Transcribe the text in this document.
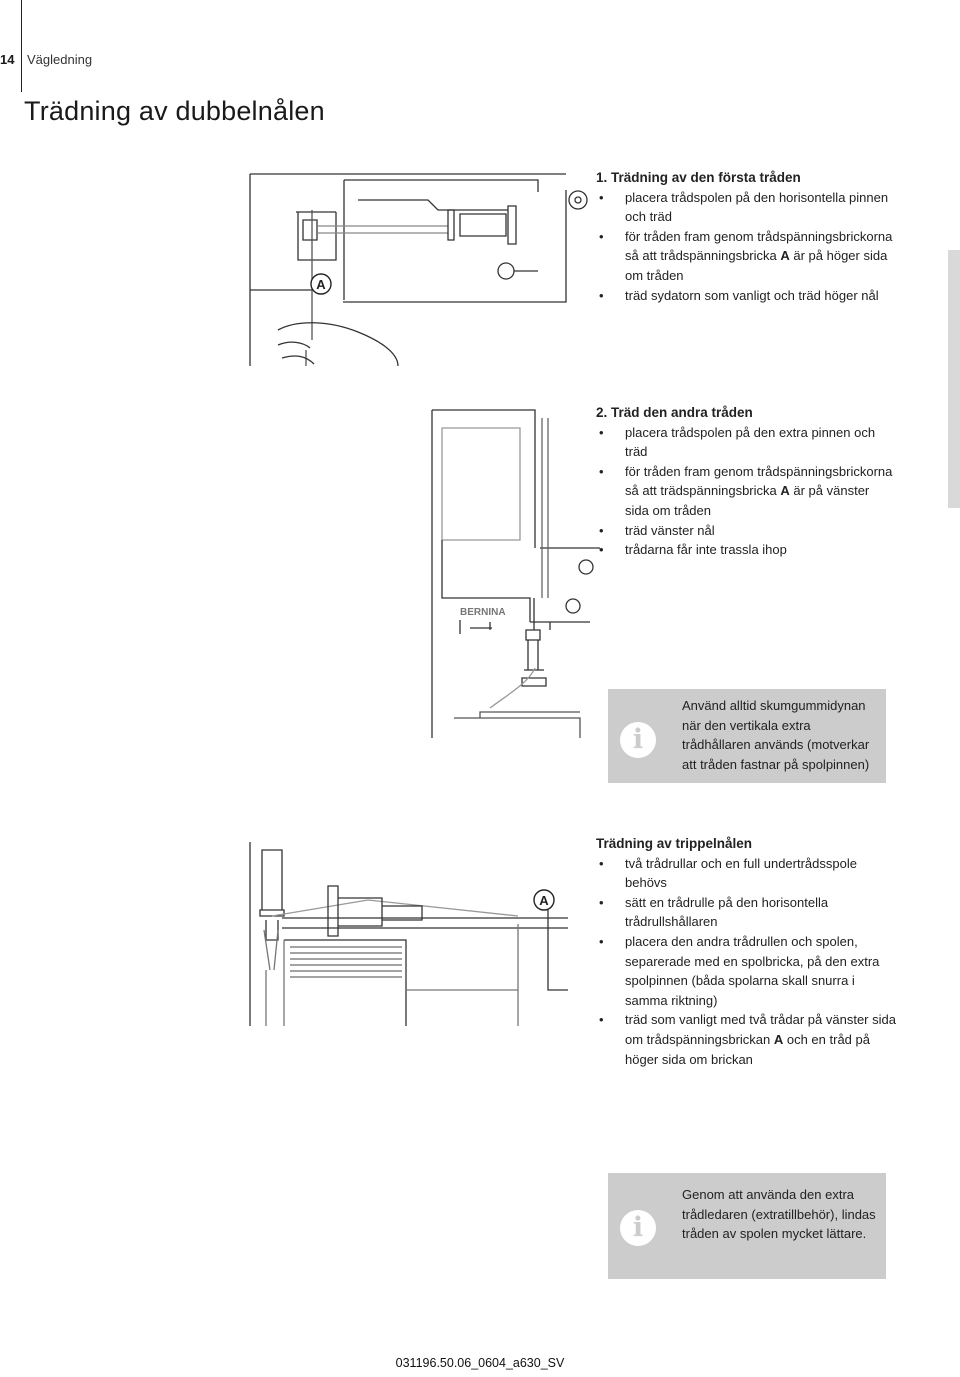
14 Vägledning
Trädning av dubbelnålen
A
1. Trädning av den första tråden
• placera trådspolen på den horisontella pinnen och träd
• för tråden fram genom trådspänningsbrickorna så att trådspänningsbricka A är på höger sida om tråden
• träd sydatorn som vanligt och träd höger nål
BERNINA
2. Träd den andra tråden
• placera trådspolen på den extra pinnen och träd
• för tråden fram genom trådspänningsbrickorna så att trädspänningsbricka A är på vänster sida om tråden
• träd vänster nål
• trådarna får inte trassla ihop
i
Använd alltid skumgummidynan när den vertikala extra trådhållaren används (motverkar att tråden fastnar på spolpinnen)
A
Trädning av trippelnålen
• två trådrullar och en full undertrådsspole behövs
• sätt en trådrulle på den horisontella trådrullshållaren
• placera den andra trådrullen och spolen, separerade med en spolbricka, på den extra spolpinnen (båda spolarna skall snurra i samma riktning)
• träd som vanligt med två trådar på vänster sida om trådspänningsbrickan A och en tråd på höger sida om brickan
i
Genom att använda den extra trådledaren (extratillbehör), lindas tråden av spolen mycket lättare.
031196.50.06_0604_a630_SV
